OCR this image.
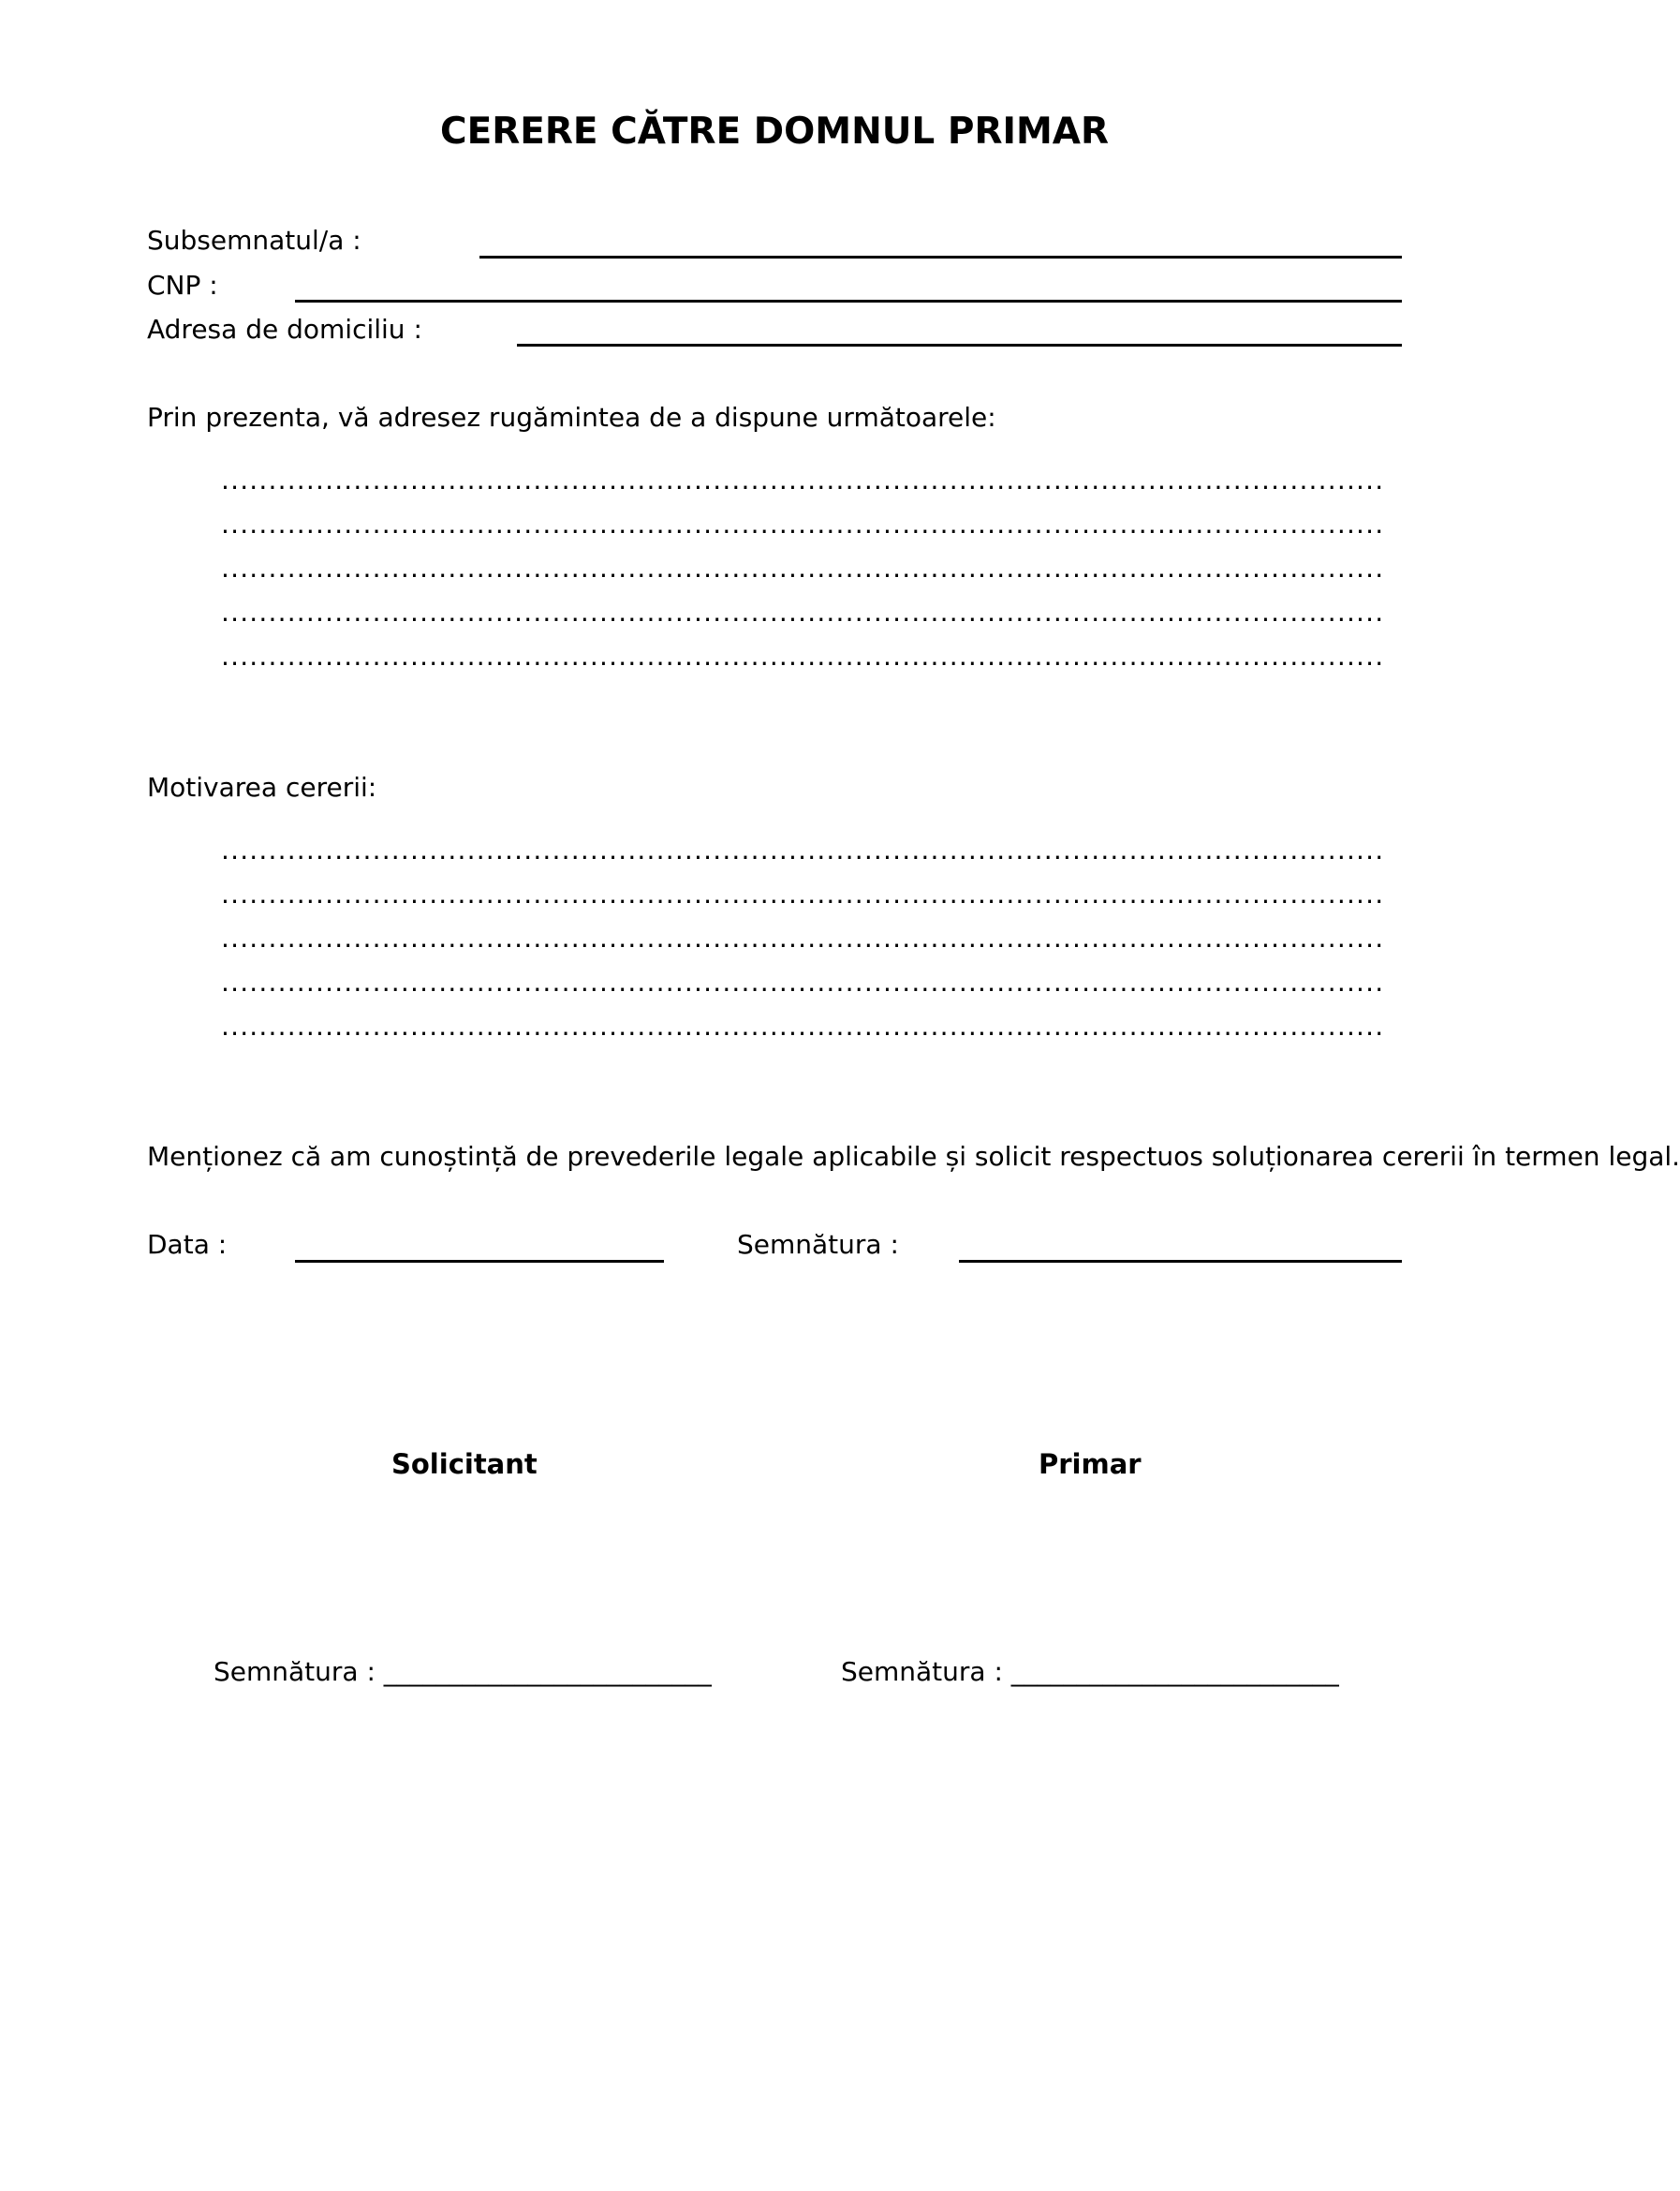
CERERE CĂTRE DOMNUL PRIMAR
Subsemnatul/a :
CNP :
Adresa de domiciliu :
Prin prezenta, vă adresez rugămintea de a dispune următoarele:
...........................................................................................................................
...........................................................................................................................
...........................................................................................................................
...........................................................................................................................
...........................................................................................................................
Motivarea cererii:
...........................................................................................................................
...........................................................................................................................
...........................................................................................................................
...........................................................................................................................
...........................................................................................................................
Menționez că am cunoștință de prevederile legale aplicabile și solicit respectuos soluționarea cererii în termen legal.
Data :	Semnătura :
Solicitant	Primar
Semnătura : _________________________	Semnătura : _________________________
